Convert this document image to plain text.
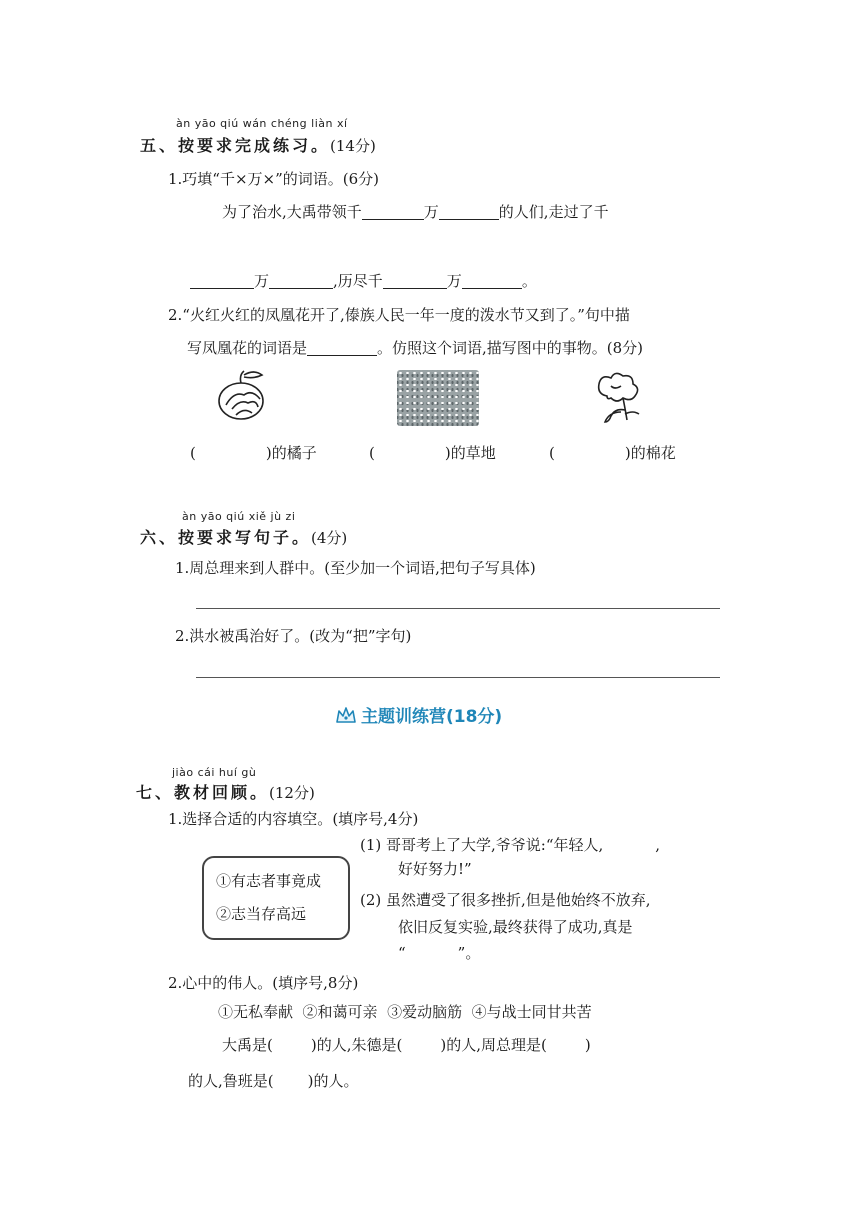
àn yāo qiú wán chéng liàn xí
五、按要求完成练习。(14分)
1.巧填“千×万×”的词语。(6分)
为了治水,大禹带领千	万	的人们,走过了千
万	,历尽千	万	。
2.“火红火红的凤凰花开了,傣族人民一年一度的泼水节又到了。”句中描
写凤凰花的词语是	。仿照这个词语,描写图中的事物。(8分)
(	)的橘子	(	)的草地	(	)的棉花
àn yāo qiú xiě jù zi
六、按要求写句子。(4分)
1.周总理来到人群中。(至少加一个词语,把句子写具体)
2.洪水被禹治好了。(改为“把”字句)
主题训练营 (18分)
jiào cái huí gù
七、教材回顾。(12分)
1.选择合适的内容填空。(填序号,4分)
①有志者事竟成
②志当存高远
(1) 哥哥考上了大学,爷爷说:“年轻人,	,
好好努力!”
(2) 虽然遭受了很多挫折,但是他始终不放弃,
依旧反复实验,最终获得了成功,真是
“	”。
2.心中的伟人。(填序号,8分)
①无私奉献  ②和蔼可亲  ③爱动脑筋  ④与战士同甘共苦
大禹是(	)的人,朱德是(	)的人,周总理是(	)
的人,鲁班是( )的人。
